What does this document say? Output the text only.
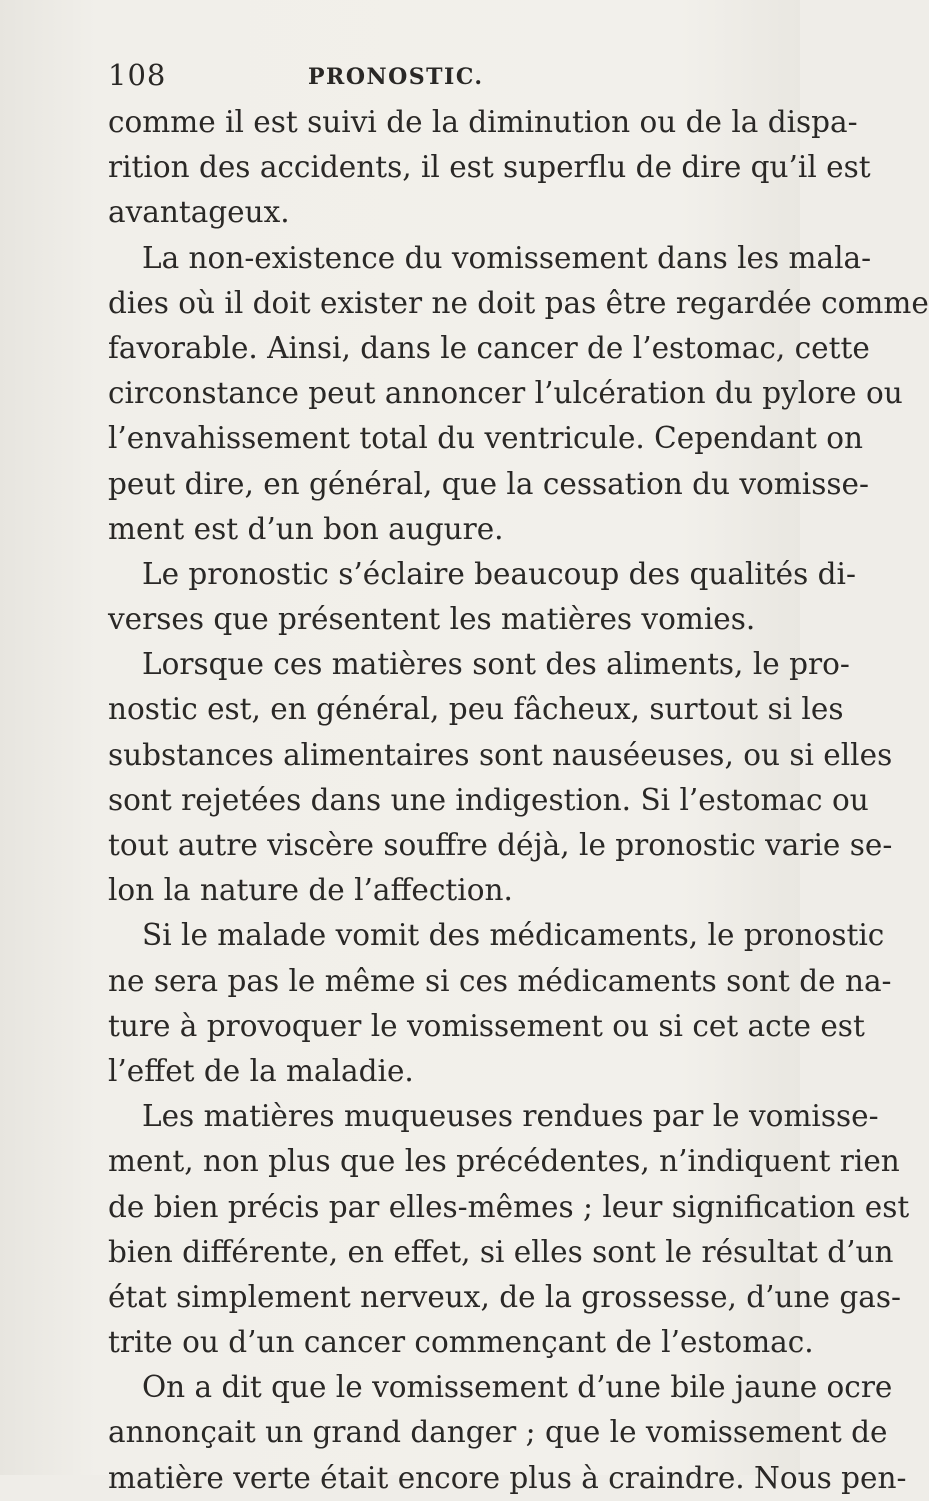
108	PRONOSTIC.
comme il est suivi de la diminution ou de la dispa-
rition des accidents, il est superflu de dire qu’il est
avantageux.
La non-existence du vomissement dans les mala-
dies où il doit exister ne doit pas être regardée comme
favorable. Ainsi, dans le cancer de l’estomac, cette
circonstance peut annoncer l’ulcération du pylore ou
l’envahissement total du ventricule. Cependant on
peut dire, en général, que la cessation du vomisse-
ment est d’un bon augure.
Le pronostic s’éclaire beaucoup des qualités di-
verses que présentent les matières vomies.
Lorsque ces matières sont des aliments, le pro-
nostic est, en général, peu fâcheux, surtout si les
substances alimentaires sont nauséeuses, ou si elles
sont rejetées dans une indigestion. Si l’estomac ou
tout autre viscère souffre déjà, le pronostic varie se-
lon la nature de l’affection.
Si le malade vomit des médicaments, le pronostic
ne sera pas le même si ces médicaments sont de na-
ture à provoquer le vomissement ou si cet acte est
l’effet de la maladie.
Les matières muqueuses rendues par le vomisse-
ment, non plus que les précédentes, n’indiquent rien
de bien précis par elles-mêmes ; leur signification est
bien différente, en effet, si elles sont le résultat d’un
état simplement nerveux, de la grossesse, d’une gas-
trite ou d’un cancer commençant de l’estomac.
On a dit que le vomissement d’une bile jaune ocre
annonçait un grand danger ; que le vomissement de
matière verte était encore plus à craindre. Nous pen-
